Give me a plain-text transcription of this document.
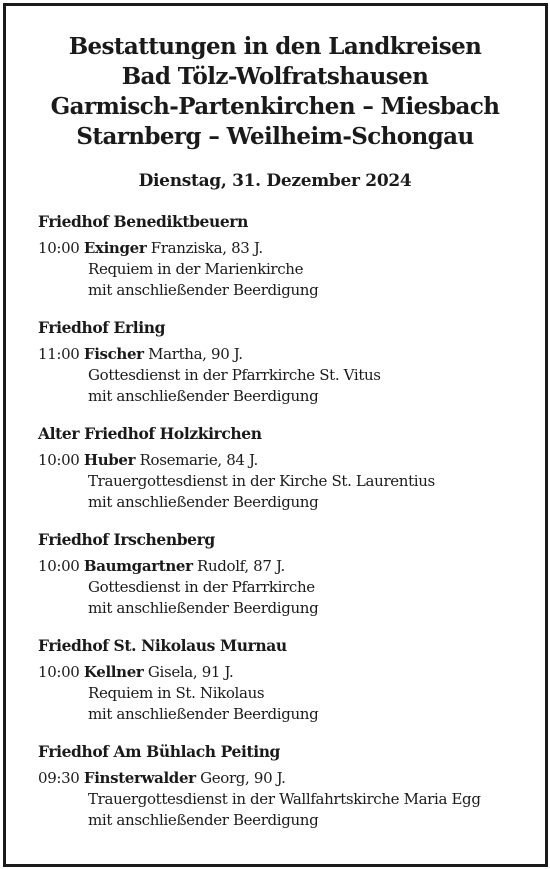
Bestattungen in den Landkreisen
Bad Tölz-Wolfratshausen
Garmisch-Partenkirchen – Miesbach
Starnberg – Weilheim-Schongau
Dienstag, 31. Dezember 2024
Friedhof Benediktbeuern
10:00 Exinger Franziska, 83 J.
Requiem in der Marienkirche
mit anschließender Beerdigung
Friedhof Erling
11:00 Fischer Martha, 90 J.
Gottesdienst in der Pfarrkirche St. Vitus
mit anschließender Beerdigung
Alter Friedhof Holzkirchen
10:00 Huber Rosemarie, 84 J.
Trauergottesdienst in der Kirche St. Laurentius
mit anschließender Beerdigung
Friedhof Irschenberg
10:00 Baumgartner Rudolf, 87 J.
Gottesdienst in der Pfarrkirche
mit anschließender Beerdigung
Friedhof St. Nikolaus Murnau
10:00 Kellner Gisela, 91 J.
Requiem in St. Nikolaus
mit anschließender Beerdigung
Friedhof Am Bühlach Peiting
09:30 Finsterwalder Georg, 90 J.
Trauergottesdienst in der Wallfahrtskirche Maria Egg
mit anschließender Beerdigung
